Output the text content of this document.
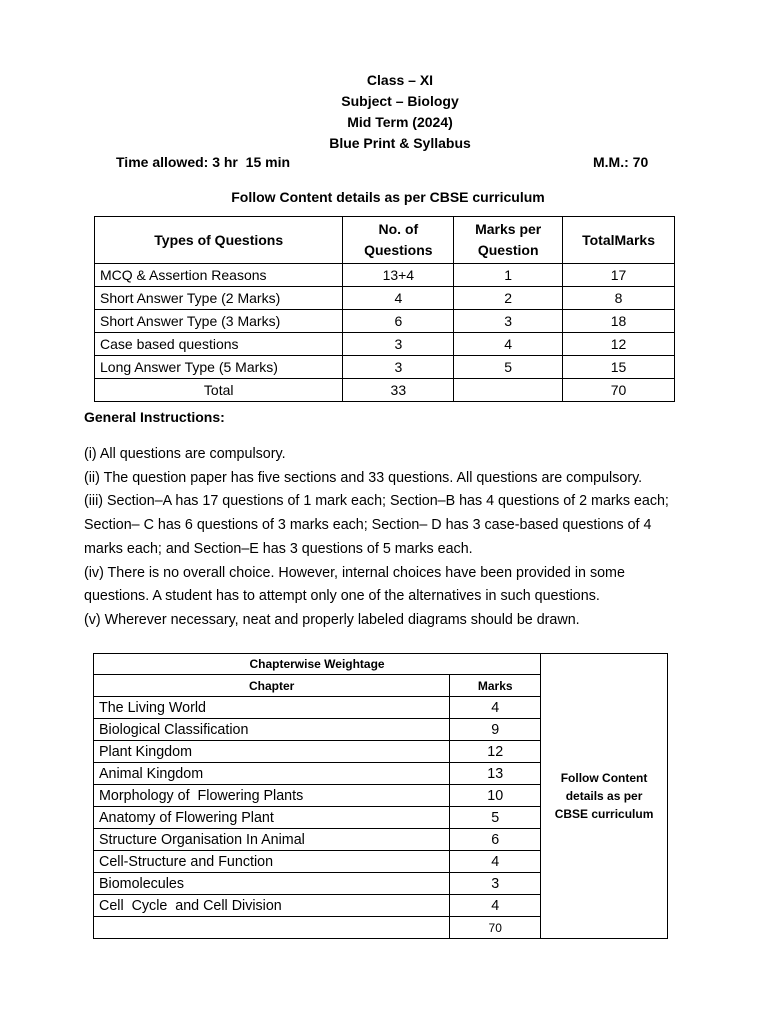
Class – XI
Subject – Biology
Mid Term (2024)
Blue Print & Syllabus
Time allowed: 3 hr  15 min	M.M.: 70
Follow Content details as per CBSE curriculum
Types of Questions	No. of Questions	Marks per Question	TotalMarks
MCQ & Assertion Reasons	13+4	1	17
Short Answer Type (2 Marks)	4	2	8
Short Answer Type (3 Marks)	6	3	18
Case based questions	3	4	12
Long Answer Type (5 Marks)	3	5	15
Total	33		70
General Instructions:

(i) All questions are compulsory.

(ii) The question paper has five sections and 33 questions. All questions are compulsory.

(iii) Section–A has 17 questions of 1 mark each; Section–B has 4 questions of 2 marks each; Section– C has 6 questions of 3 marks each; Section– D has 3 case-based questions of 4 marks each; and Section–E has 3 questions of 5 marks each.

(iv) There is no overall choice. However, internal choices have been provided in some questions. A student has to attempt only one of the alternatives in such questions.

(v) Wherever necessary, neat and properly labeled diagrams should be drawn.

Chapterwise Weightage		Follow Content details as per CBSE curriculum

Chapter	Marks	
The Living World	4	
Biological Classification	9	
Plant Kingdom	12	
Animal Kingdom	13	
Morphology of  Flowering Plants	10	
Anatomy of Flowering Plant	5	
Structure Organisation In Animal	6	
Cell-Structure and Function	4	
Biomolecules	3	
Cell  Cycle  and Cell Division	4	
	70	
